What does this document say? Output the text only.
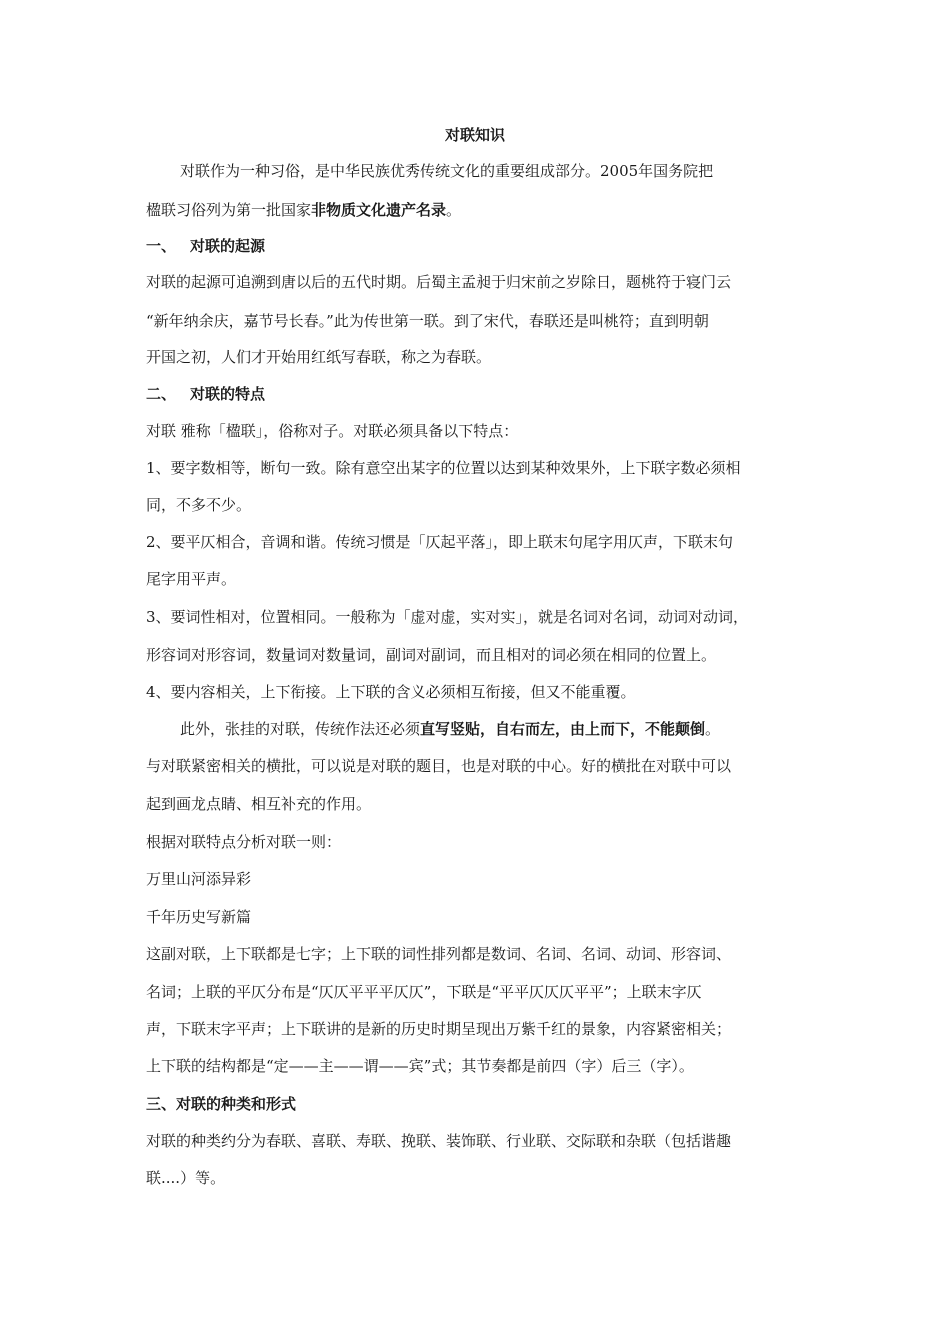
对联知识
对联作为一种习俗，是中华民族优秀传统文化的重要组成部分。2005年国务院把
楹联习俗列为第一批国家非物质文化遗产名录。
一、 对联的起源
对联的起源可追溯到唐以后的五代时期。后蜀主孟昶于归宋前之岁除日，题桃符于寝门云
“新年纳余庆，嘉节号长春。”此为传世第一联。到了宋代，春联还是叫桃符；直到明朝
开国之初，人们才开始用红纸写春联，称之为春联。
二、 对联的特点
对联 雅称「楹联」，俗称对子。对联必须具备以下特点：
1、要字数相等，断句一致。除有意空出某字的位置以达到某种效果外，上下联字数必须相
同，不多不少。
2、要平仄相合，音调和谐。传统习惯是「仄起平落」，即上联末句尾字用仄声，下联末句
尾字用平声。
3、要词性相对，位置相同。一般称为「虚对虚，实对实」，就是名词对名词，动词对动词，
形容词对形容词，数量词对数量词，副词对副词，而且相对的词必须在相同的位置上。
4、要内容相关，上下衔接。上下联的含义必须相互衔接，但又不能重覆。
此外，张挂的对联，传统作法还必须直写竖贴，自右而左，由上而下，不能颠倒。
与对联紧密相关的横批，可以说是对联的题目，也是对联的中心。好的横批在对联中可以
起到画龙点睛、相互补充的作用。
根据对联特点分析对联一则：
万里山河添异彩
千年历史写新篇
这副对联，上下联都是七字；上下联的词性排列都是数词、名词、名词、动词、形容词、
名词；上联的平仄分布是“仄仄平平平仄仄”，下联是“平平仄仄仄平平”；上联末字仄
声，下联末字平声；上下联讲的是新的历史时期呈现出万紫千红的景象，内容紧密相关；
上下联的结构都是“定——主——谓——宾”式；其节奏都是前四（字）后三（字）。
三、对联的种类和形式
对联的种类约分为春联、喜联、寿联、挽联、装饰联、行业联、交际联和杂联（包括谐趣
联....）等。
